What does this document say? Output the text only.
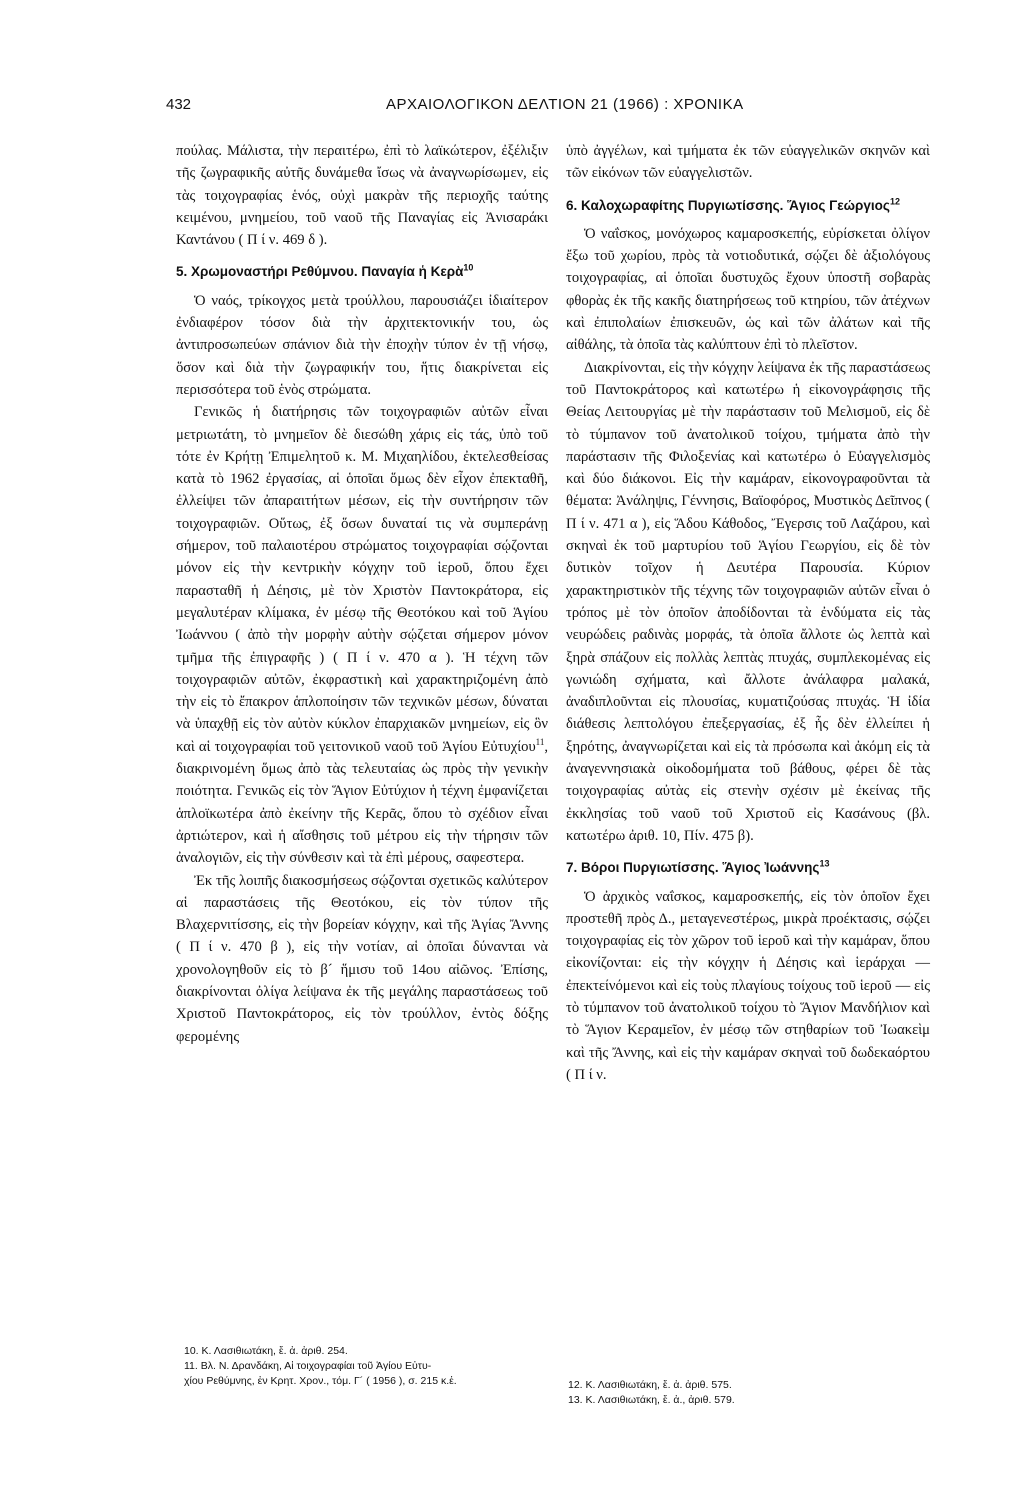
432	ΑΡΧΑΙΟΛΟΓΙΚΟΝ ΔΕΛΤΙΟΝ 21 (1966) : ΧΡΟΝΙΚΑ

πούλας. Μάλιστα, τὴν περαιτέρω, ἐπὶ τὸ λαϊκώτερον, ἐξέλιξιν τῆς ζωγραφικῆς αὐτῆς δυνάμεθα ἴσως νὰ ἀναγνωρίσωμεν, εἰς τὰς τοιχογραφίας ἑνός, οὐχὶ μακρὰν τῆς περιοχῆς ταύτης κειμένου, μνημείου, τοῦ ναοῦ τῆς Παναγίας εἰς Ἀνισαράκι Καντάνου ( Π ί ν. 469 δ ).

5. Χρωμοναστήρι Ρεθύμνου. Παναγία ἡ Κερὰ$^{10}$

Ὁ ναός, τρίκογχος μετὰ τρούλλου, παρουσιάζει ἰδιαίτερον ἐνδιαφέρον τόσον διὰ τὴν ἀρχιτεκτονικήν του, ὡς ἀντιπροσωπεύων σπάνιον διὰ τὴν ἐποχὴν τύπον ἐν τῇ νήσῳ, ὅσον καὶ διὰ τὴν ζωγραφικήν του, ἥτις διακρίνεται εἰς περισσότερα τοῦ ἑνὸς στρώματα.

Γενικῶς ἡ διατήρησις τῶν τοιχογραφιῶν αὐτῶν εἶναι μετριωτάτη, τὸ μνημεῖον δὲ διεσώθη χάρις εἰς τάς, ὑπὸ τοῦ τότε ἐν Κρήτῃ Ἐπιμελητοῦ κ. Μ. Μιχαηλίδου, ἐκτελεσθείσας κατὰ τὸ 1962 ἐργασίας, αἱ ὁποῖαι ὅμως δὲν εἶχον ἐπεκταθῆ, ἐλλείψει τῶν ἀπαραιτήτων μέσων, εἰς τὴν συντήρησιν τῶν τοιχογραφιῶν. Οὕτως, ἐξ ὅσων δυναταί τις νὰ συμπεράνῃ σήμερον, τοῦ παλαιοτέρου στρώματος τοιχογραφίαι σῴζονται μόνον εἰς τὴν κεντρικὴν κόγχην τοῦ ἱεροῦ, ὅπου ἔχει παρασταθῆ ἡ Δέησις, μὲ τὸν Χριστὸν Παντοκράτορα, εἰς μεγαλυτέραν κλίμακα, ἐν μέσῳ τῆς Θεοτόκου καὶ τοῦ Ἁγίου Ἰωάννου ( ἀπὸ τὴν μορφὴν αὐτὴν σῴζεται σήμερον μόνον τμῆμα τῆς ἐπιγραφῆς ) ( Π ί ν. 470 α ). Ἡ τέχνη τῶν τοιχογραφιῶν αὐτῶν, ἐκφραστικὴ καὶ χαρακτηριζομένη ἀπὸ τὴν εἰς τὸ ἔπακρον ἁπλοποίησιν τῶν τεχνικῶν μέσων, δύναται νὰ ὑπαχθῇ εἰς τὸν αὐτὸν κύκλον ἐπαρχιακῶν μνημείων, εἰς ὃν καὶ αἱ τοιχογραφίαι τοῦ γειτονικοῦ ναοῦ τοῦ Ἁγίου Εὐτυχίου$^{11}$, διακρινομένη ὅμως ἀπὸ τὰς τελευταίας ὡς πρὸς τὴν γενικὴν ποιότητα. Γενικῶς εἰς τὸν Ἅγιον Εὐτύχιον ἡ τέχνη ἐμφανίζεται ἁπλοϊκωτέρα ἀπὸ ἐκείνην τῆς Κερᾶς, ὅπου τὸ σχέδιον εἶναι ἀρτιώτερον, καὶ ἡ αἴσθησις τοῦ μέτρου εἰς τὴν τήρησιν τῶν ἀναλογιῶν, εἰς τὴν σύνθεσιν καὶ τὰ ἐπὶ μέρους, σαφεστερα.

Ἐκ τῆς λοιπῆς διακοσμήσεως σῴζονται σχετικῶς καλύτερον αἱ παραστάσεις τῆς Θεοτόκου, εἰς τὸν τύπον τῆς Βλαχερνιτίσσης, εἰς τὴν βορείαν κόγχην, καὶ τῆς Ἁγίας Ἄννης ( Π ί ν. 470 β ), εἰς τὴν νοτίαν, αἱ ὁποῖαι δύνανται νὰ χρονολογηθοῦν εἰς τὸ β´ ἥμισυ τοῦ 14ου αἰῶνος. Ἐπίσης, διακρίνονται ὀλίγα λείψανα ἐκ τῆς μεγάλης παραστάσεως τοῦ Χριστοῦ Παντοκράτορος, εἰς τὸν τρούλλον, ἐντὸς δόξης φερομένης

ὑπὸ ἀγγέλων, καὶ τμήματα ἐκ τῶν εὐαγγελικῶν σκηνῶν καὶ τῶν εἰκόνων τῶν εὐαγγελιστῶν.

6. Καλοχωραφίτης Πυργιωτίσσης. Ἅγιος Γεώργιος$^{12}$

Ὁ ναΐσκος, μονόχωρος καμαροσκεπής, εὑρίσκεται ὀλίγον ἔξω τοῦ χωρίου, πρὸς τὰ νοτιοδυτικά, σῴζει δὲ ἀξιολόγους τοιχογραφίας, αἱ ὁποῖαι δυστυχῶς ἔχουν ὑποστῆ σοβαρὰς φθορὰς ἐκ τῆς κακῆς διατηρήσεως τοῦ κτηρίου, τῶν ἀτέχνων καὶ ἐπιπολαίων ἐπισκευῶν, ὡς καὶ τῶν ἀλάτων καὶ τῆς αἰθάλης, τὰ ὁποῖα τὰς καλύπτουν ἐπὶ τὸ πλεῖστον.

Διακρίνονται, εἰς τὴν κόγχην λείψανα ἐκ τῆς παραστάσεως τοῦ Παντοκράτορος καὶ κατωτέρω ἡ εἰκονογράφησις τῆς Θείας Λειτουργίας μὲ τὴν παράστασιν τοῦ Μελισμοῦ, εἰς δὲ τὸ τύμπανον τοῦ ἀνατολικοῦ τοίχου, τμήματα ἀπὸ τὴν παράστασιν τῆς Φιλοξενίας καὶ κατωτέρω ὁ Εὐαγγελισμὸς καὶ δύο διάκονοι. Εἰς τὴν καμάραν, εἰκονογραφοῦνται τὰ θέματα: Ἀνάληψις, Γέννησις, Βαϊοφόρος, Μυστικὸς Δεῖπνος ( Π ί ν. 471 α ), εἰς Ἅδου Κάθοδος, Ἔγερσις τοῦ Λαζάρου, καὶ σκηναὶ ἐκ τοῦ μαρτυρίου τοῦ Ἁγίου Γεωργίου, εἰς δὲ τὸν δυτικὸν τοῖχον ἡ Δευτέρα Παρουσία. Κύριον χαρακτηριστικὸν τῆς τέχνης τῶν τοιχογραφιῶν αὐτῶν εἶναι ὁ τρόπος μὲ τὸν ὁποῖον ἀποδίδονται τὰ ἐνδύματα εἰς τὰς νευρώδεις ραδινὰς μορφάς, τὰ ὁποῖα ἄλλοτε ὡς λεπτὰ καὶ ξηρὰ σπάζουν εἰς πολλὰς λεπτὰς πτυχάς, συμπλεκομένας εἰς γωνιώδη σχήματα, καὶ ἄλλοτε ἀνάλαφρα μαλακά, ἀναδιπλοῦνται εἰς πλουσίας, κυματιζούσας πτυχάς. Ἡ ἰδία διάθεσις λεπτολόγου ἐπεξεργασίας, ἐξ ἧς δὲν ἐλλείπει ἡ ξηρότης, ἀναγνωρίζεται καὶ εἰς τὰ πρόσωπα καὶ ἀκόμη εἰς τὰ ἀναγεννησιακὰ οἰκοδομήματα τοῦ βάθους, φέρει δὲ τὰς τοιχογραφίας αὐτὰς εἰς στενὴν σχέσιν μὲ ἐκείνας τῆς ἐκκλησίας τοῦ ναοῦ τοῦ Χριστοῦ εἰς Κασάνους (βλ. κατωτέρω ἀριθ. 10, Πίν. 475 β).

7. Βόροι Πυργιωτίσσης. Ἅγιος Ἰωάννης$^{13}$

Ὁ ἀρχικὸς ναΐσκος, καμαροσκεπής, εἰς τὸν ὁποῖον ἔχει προστεθῆ πρὸς Δ., μεταγενεστέρως, μικρὰ προέκτασις, σῴζει τοιχογραφίας εἰς τὸν χῶρον τοῦ ἱεροῦ καὶ τὴν καμάραν, ὅπου εἰκονίζονται: εἰς τὴν κόγχην ἡ Δέησις καὶ ἱεράρχαι — ἐπεκτείνόμενοι καὶ εἰς τοὺς πλαγίους τοίχους τοῦ ἱεροῦ — εἰς τὸ τύμπανον τοῦ ἀνατολικοῦ τοίχου τὸ Ἅγιον Μανδήλιον καὶ τὸ Ἅγιον Κεραμεῖον, ἐν μέσῳ τῶν στηθαρίων τοῦ Ἰωακεὶμ καὶ τῆς Ἄννης, καὶ εἰς τὴν καμάραν σκηναὶ τοῦ δωδεκαόρτου ( Π ί ν.

10. Κ. Λασιθιωτάκη, ἔ. ἀ. ἀριθ. 254.
11. Βλ. Ν. Δρανδάκη, Αἱ τοιχογραφίαι τοῦ Ἁγίου Εὐτυ-
χίου Ρεθύμνης, ἐν Κρητ. Χρον., τόμ. Γ´ ( 1956 ), σ. 215 κ.ἑ.	12. Κ. Λασιθιωτάκη, ἔ. ἀ. ἀριθ. 575.
13. Κ. Λασιθιωτάκη, ἔ. ἀ., ἀριθ. 579.
